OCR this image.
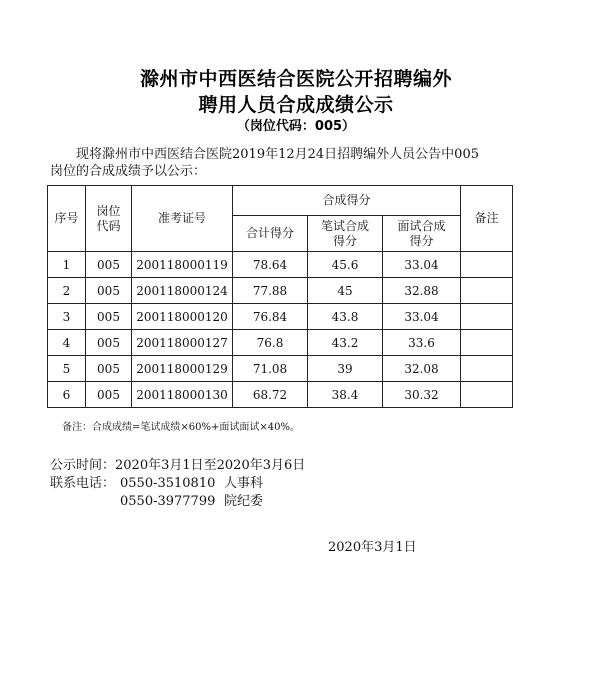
滁州市中西医结合医院公开招聘编外
聘用人员合成成绩公示
（岗位代码：005）
现将滁州市中西医结合医院2019年12月24日招聘编外人员公告中005
岗位的合成成绩予以公示：
序号	岗位代码	准考证号	合成得分			备注
			合计得分	笔试合成得分	面试合成得分	
1	005	200118000119	78.64	45.6	33.04	
2	005	200118000124	77.88	45	32.88	
3	005	200118000120	76.84	43.8	33.04	
4	005	200118000127	76.8	43.2	33.6	
5	005	200118000129	71.08	39	32.08	
6	005	200118000130	68.72	38.4	30.32	
备注：合成成绩=笔试成绩×60%+面试面试×40%。
公示时间：2020年3月1日至2020年3月6日
联系电话： 0550-3510810 人事科
0550-3977799 院纪委
2020年3月1日
